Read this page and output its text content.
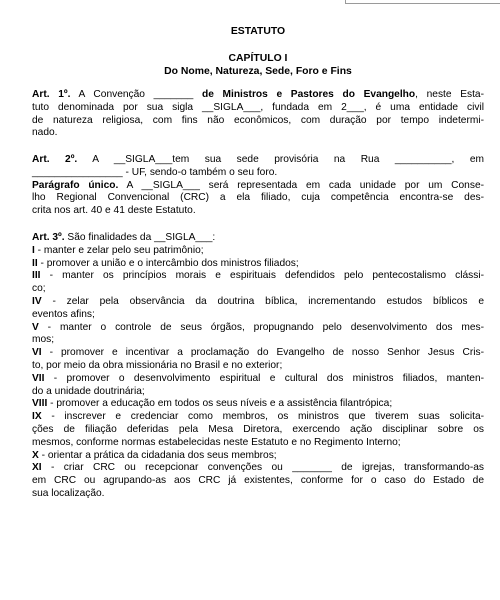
ESTATUTO
CAPÍTULO I
Do Nome, Natureza, Sede, Foro e Fins
Art. 1º. A Convenção _______ de Ministros e Pastores do Evangelho, neste Esta-
tuto denominada por sua sigla __SIGLA___, fundada em 2___, é uma entidade civil
de natureza religiosa, com fins não econômicos, com duração por tempo indetermi-
nado.
Art. 2º. A __SIGLA___tem sua sede provisória na Rua __________, em
________________ - UF, sendo-o também o seu foro.
Parágrafo único. A __SIGLA___ será representada em cada unidade por um Conse-
lho Regional Convencional (CRC) a ela filiado, cuja competência encontra-se des-
crita nos art. 40 e 41 deste Estatuto.
Art. 3º. São finalidades da __SIGLA___:
I - manter e zelar pelo seu patrimônio;
II - promover a união e o intercâmbio dos ministros filiados;
III - manter os princípios morais e espirituais defendidos pelo pentecostalismo clássi-
co;
IV - zelar pela observância da doutrina bíblica, incrementando estudos bíblicos e
eventos afins;
V - manter o controle de seus órgãos, propugnando pelo desenvolvimento dos mes-
mos;
VI - promover e incentivar a proclamação do Evangelho de nosso Senhor Jesus Cris-
to, por meio da obra missionária no Brasil e no exterior;
VII - promover o desenvolvimento espiritual e cultural dos ministros filiados, manten-
do a unidade doutrinária;
VIII - promover a educação em todos os seus níveis e a assistência filantrópica;
IX - inscrever e credenciar como membros, os ministros que tiverem suas solicita-
ções de filiação deferidas pela Mesa Diretora, exercendo ação disciplinar sobre os
mesmos, conforme normas estabelecidas neste Estatuto e no Regimento Interno;
X - orientar a prática da cidadania dos seus membros;
XI - criar CRC ou recepcionar convenções ou _______ de igrejas, transformando-as
em CRC ou agrupando-as aos CRC já existentes, conforme for o caso do Estado de
sua localização.
